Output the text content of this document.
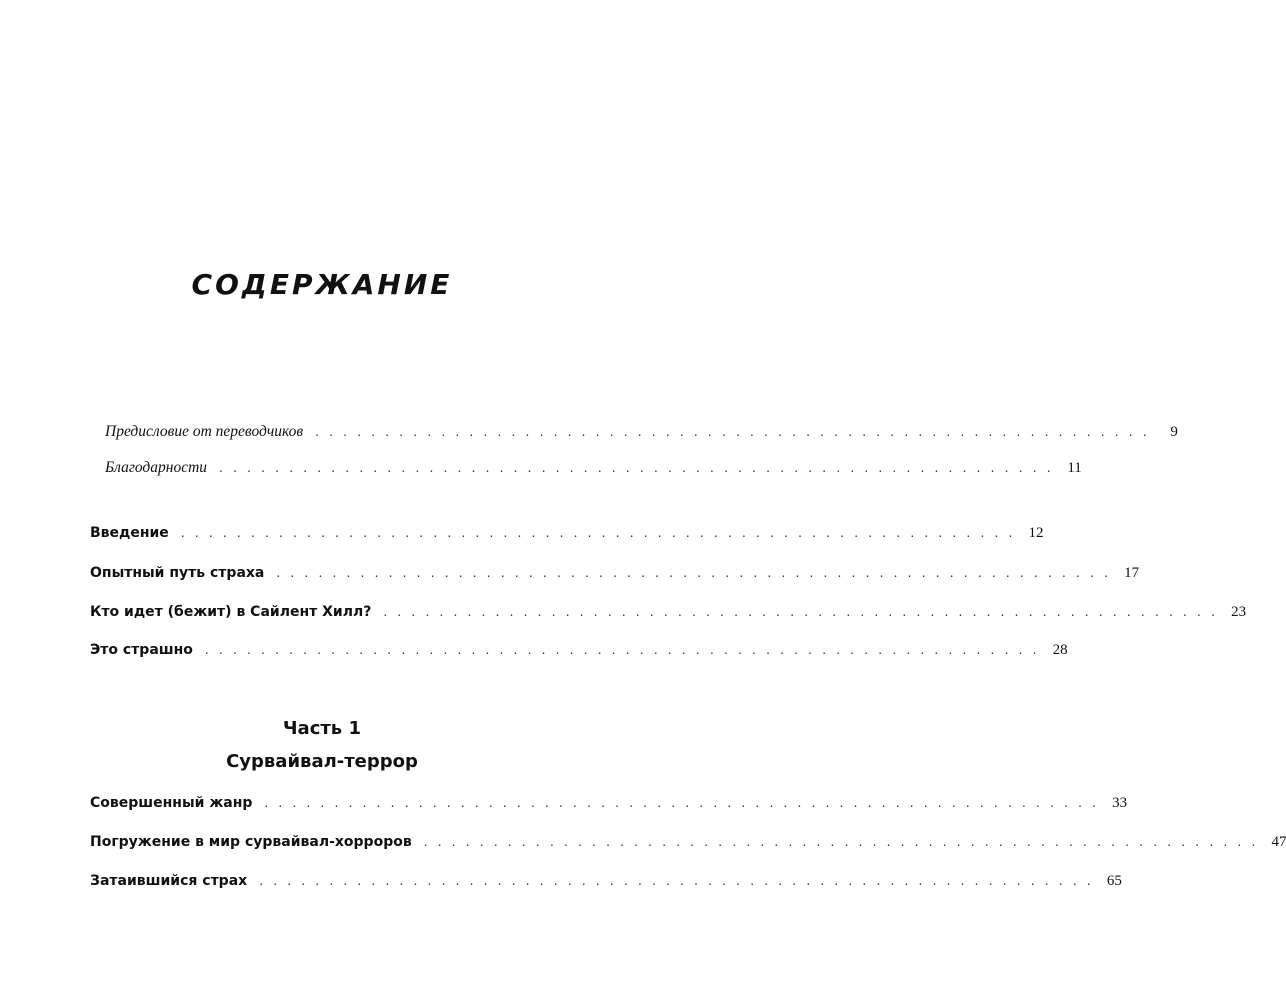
СОДЕРЖАНИЕ
Предисловие от переводчиков . . . . . . . . . . . . . . . . . . . . . . . . . . . . . . . . . . . . . . . . . . . . . . . . . . . . . . . . . . . .	9
Благодарности . . . . . . . . . . . . . . . . . . . . . . . . . . . . . . . . . . . . . . . . . . . . . . . . . . . . . . . . . . . . 11
Введение . . . . . . . . . . . . . . . . . . . . . . . . . . . . . . . . . . . . . . . . . . . . . . . . . . . . . . . . . . . . 12
Опытный путь страха . . . . . . . . . . . . . . . . . . . . . . . . . . . . . . . . . . . . . . . . . . . . . . . . . . . . . . . . . . . . 17
Кто идет (бежит) в Сайлент Хилл? . . . . . . . . . . . . . . . . . . . . . . . . . . . . . . . . . . . . . . . . . . . . . . . . . . . . . . . . . . . . 23
Это страшно . . . . . . . . . . . . . . . . . . . . . . . . . . . . . . . . . . . . . . . . . . . . . . . . . . . . . . . . . . . . 28
Часть 1
Сурвайвал-террор
Совершенный жанр . . . . . . . . . . . . . . . . . . . . . . . . . . . . . . . . . . . . . . . . . . . . . . . . . . . . . . . . . . . . 33
Погружение в мир сурвайвал-хорроров . . . . . . . . . . . . . . . . . . . . . . . . . . . . . . . . . . . . . . . . . . . . . . . . . . . . . . . . . . . . 47
Затаившийся страх . . . . . . . . . . . . . . . . . . . . . . . . . . . . . . . . . . . . . . . . . . . . . . . . . . . . . . . . . . . . 65
